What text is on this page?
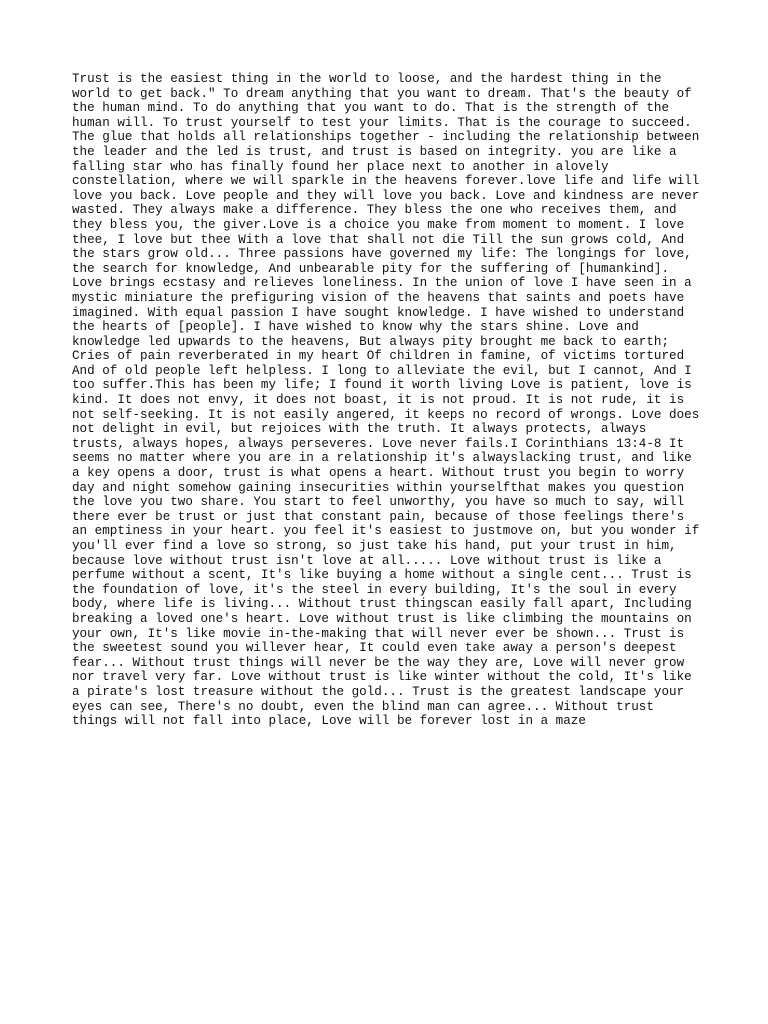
Trust is the easiest thing in the world to loose, and the hardest thing in the
world to get back." To dream anything that you want to dream. That's the beauty of
the human mind. To do anything that you want to do. That is the strength of the
human will. To trust yourself to test your limits. That is the courage to succeed.
The glue that holds all relationships together - including the relationship between
the leader and the led is trust, and trust is based on integrity. you are like a
falling star who has finally found her place next to another in alovely
constellation, where we will sparkle in the heavens forever.love life and life will
love you back. Love people and they will love you back. Love and kindness are never
wasted. They always make a difference. They bless the one who receives them, and
they bless you, the giver.Love is a choice you make from moment to moment. I love
thee, I love but thee With a love that shall not die Till the sun grows cold, And
the stars grow old... Three passions have governed my life: The longings for love,
the search for knowledge, And unbearable pity for the suffering of [humankind].
Love brings ecstasy and relieves loneliness. In the union of love I have seen in a
mystic miniature the prefiguring vision of the heavens that saints and poets have
imagined. With equal passion I have sought knowledge. I have wished to understand
the hearts of [people]. I have wished to know why the stars shine. Love and
knowledge led upwards to the heavens, But always pity brought me back to earth;
Cries of pain reverberated in my heart Of children in famine, of victims tortured
And of old people left helpless. I long to alleviate the evil, but I cannot, And I
too suffer.This has been my life; I found it worth living Love is patient, love is
kind. It does not envy, it does not boast, it is not proud. It is not rude, it is
not self-seeking. It is not easily angered, it keeps no record of wrongs. Love does
not delight in evil, but rejoices with the truth. It always protects, always
trusts, always hopes, always perseveres. Love never fails.I Corinthians 13:4-8 It
seems no matter where you are in a relationship it's alwayslacking trust, and like
a key opens a door, trust is what opens a heart. Without trust you begin to worry
day and night somehow gaining insecurities within yourselfthat makes you question
the love you two share. You start to feel unworthy, you have so much to say, will
there ever be trust or just that constant pain, because of those feelings there's
an emptiness in your heart. you feel it's easiest to justmove on, but you wonder if
you'll ever find a love so strong, so just take his hand, put your trust in him,
because love without trust isn't love at all..... Love without trust is like a
perfume without a scent, It's like buying a home without a single cent... Trust is
the foundation of love, it's the steel in every building, It's the soul in every
body, where life is living... Without trust thingscan easily fall apart, Including
breaking a loved one's heart. Love without trust is like climbing the mountains on
your own, It's like movie in-the-making that will never ever be shown... Trust is
the sweetest sound you willever hear, It could even take away a person's deepest
fear... Without trust things will never be the way they are, Love will never grow
nor travel very far. Love without trust is like winter without the cold, It's like
a pirate's lost treasure without the gold... Trust is the greatest landscape your
eyes can see, There's no doubt, even the blind man can agree... Without trust
things will not fall into place, Love will be forever lost in a maze
